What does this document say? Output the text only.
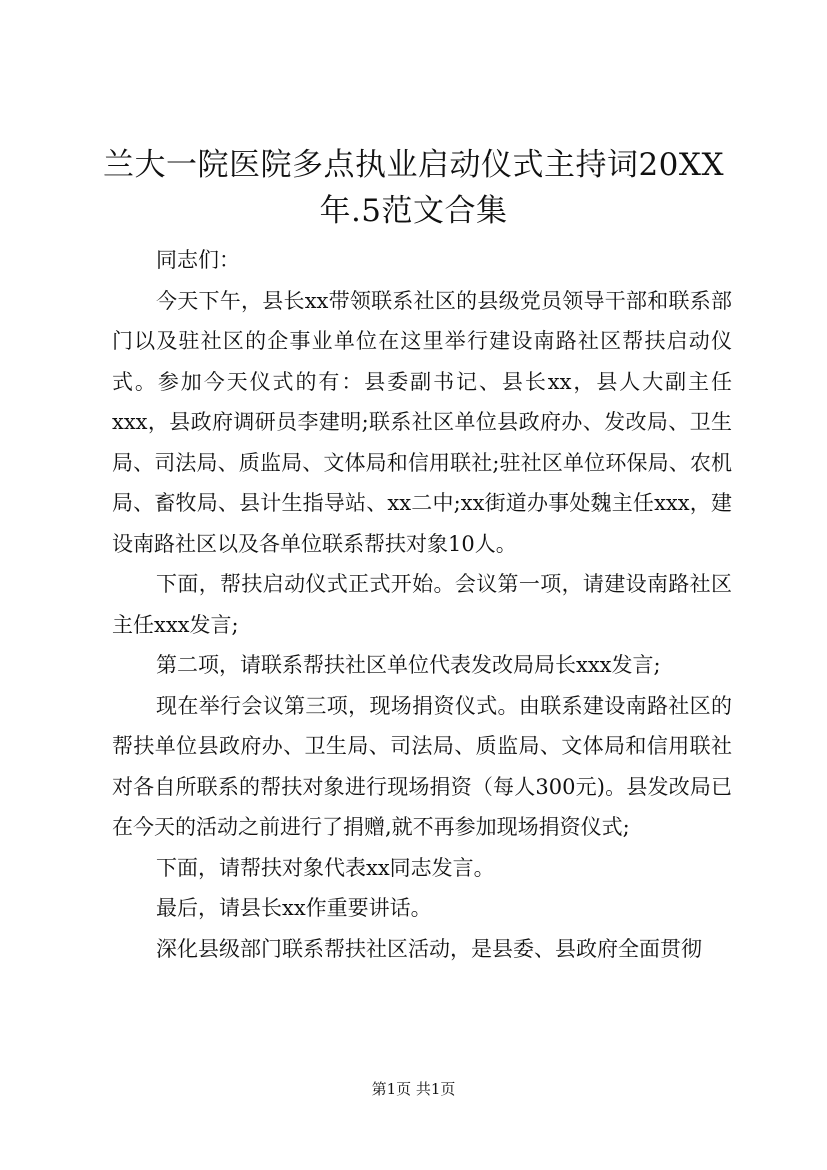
兰大一院医院多点执业启动仪式主持词20XX
年.5范文合集

同志们：

今天下午，县长xx带领联系社区的县级党员领导干部和联系部门以及驻社区的企事业单位在这里举行建设南路社区帮扶启动仪式。参加今天仪式的有：县委副书记、县长xx，县人大副主任xxx，县政府调研员李建明;联系社区单位县政府办、发改局、卫生局、司法局、质监局、文体局和信用联社;驻社区单位环保局、农机局、畜牧局、县计生指导站、xx二中;xx街道办事处魏主任xxx，建设南路社区以及各单位联系帮扶对象10人。

下面，帮扶启动仪式正式开始。会议第一项，请建设南路社区主任xxx发言;

第二项，请联系帮扶社区单位代表发改局局长xxx发言;

现在举行会议第三项，现场捐资仪式。由联系建设南路社区的帮扶单位县政府办、卫生局、司法局、质监局、文体局和信用联社对各自所联系的帮扶对象进行现场捐资（每人300元)。县发改局已在今天的活动之前进行了捐赠,就不再参加现场捐资仪式;

下面，请帮扶对象代表xx同志发言。

最后，请县长xx作重要讲话。

深化县级部门联系帮扶社区活动，是县委、县政府全面贯彻

第1页 共1页
